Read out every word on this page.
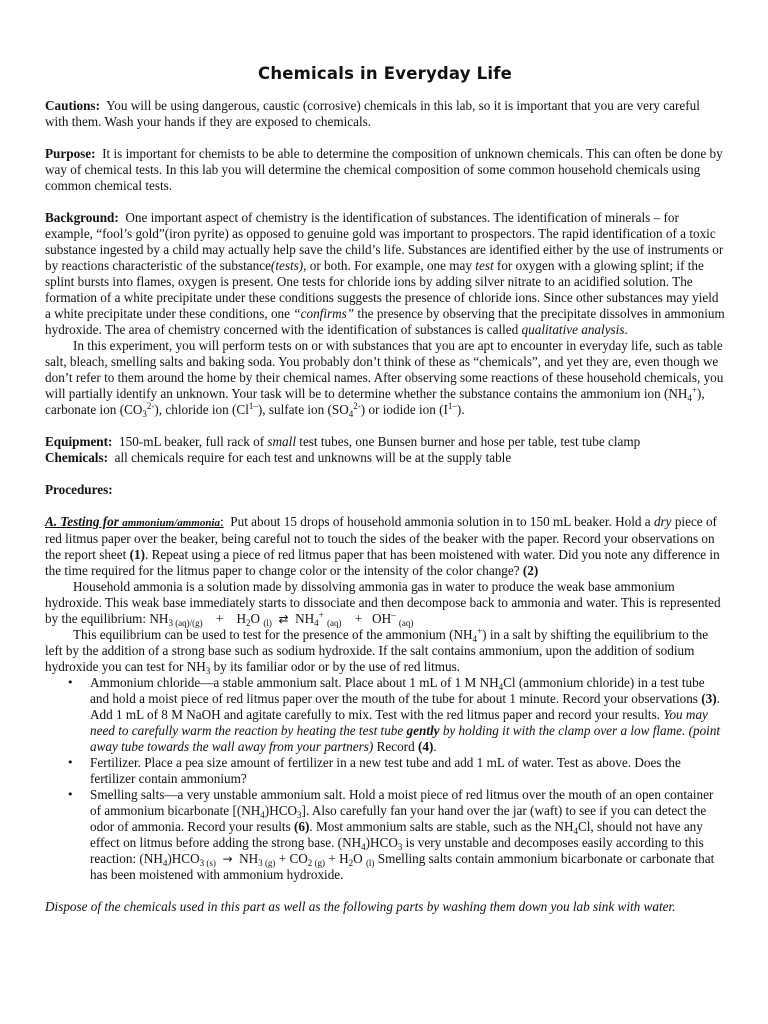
Chemicals in Everyday Life

Cautions: You will be using dangerous, caustic (corrosive) chemicals in this lab, so it is important that you are very careful with them. Wash your hands if they are exposed to chemicals.

Purpose: It is important for chemists to be able to determine the composition of unknown chemicals. This can often be done by way of chemical tests. In this lab you will determine the chemical composition of some common household chemicals using common chemical tests.

Background: One important aspect of chemistry is the identification of substances. The identification of minerals – for example, “fool’s gold”(iron pyrite) as opposed to genuine gold was important to prospectors. The rapid identification of a toxic substance ingested by a child may actually help save the child’s life. Substances are identified either by the use of instruments or by reactions characteristic of the substance(tests), or both. For example, one may test for oxygen with a glowing splint; if the splint bursts into flames, oxygen is present. One tests for chloride ions by adding silver nitrate to an acidified solution. The formation of a white precipitate under these conditions suggests the presence of chloride ions. Since other substances may yield a white precipitate under these conditions, one “confirms” the presence by observing that the precipitate dissolves in ammonium hydroxide. The area of chemistry concerned with the identification of substances is called qualitative analysis.

In this experiment, you will perform tests on or with substances that you are apt to encounter in everyday life, such as table salt, bleach, smelling salts and baking soda. You probably don’t think of these as “chemicals”, and yet they are, even though we don’t refer to them around the home by their chemical names. After observing some reactions of these household chemicals, you will partially identify an unknown. Your task will be to determine whether the substance contains the ammonium ion $(NH_4^+)$, carbonate ion $(CO_3^{2-})$, chloride ion $(Cl^{1-})$, sulfate ion $(SO_4^{2-})$ or iodide ion $(I^{1-})$.

Equipment: 150-mL beaker, full rack of small test tubes, one Bunsen burner and hose per table, test tube clamp

Chemicals: all chemicals require for each test and unknowns will be at the supply table

Procedures:

A. Testing for ammonium/ammonia: Put about 15 drops of household ammonia solution in to 150 mL beaker. Hold a dry piece of red litmus paper over the beaker, being careful not to touch the sides of the beaker with the paper. Record your observations on the report sheet (1). Repeat using a piece of red litmus paper that has been moistened with water. Did you note any difference in the time required for the litmus paper to change color or the intensity of the color change? (2)

Household ammonia is a solution made by dissolving ammonia gas in water to produce the weak base ammonium hydroxide. This weak base immediately starts to dissociate and then decompose back to ammonia and water. This is represented by the equilibrium: $NH_{3 (aq)/(g)} + H_2O$ $_{(l)}$ ⇄ $NH_4^+$ $_{(aq)}$ + OH– $_{(aq)}$

This equilibrium can be used to test for the presence of the ammonium $(NH_4^+)$ in a salt by shifting the equilibrium to the left by the addition of a strong base such as sodium hydroxide. If the salt contains ammonium, upon the addition of sodium hydroxide you can test for $NH_3$ by its familiar odor or by the use of red litmus.

• Ammonium chloride—a stable ammonium salt. Place about 1 mL of 1 M $NH_4Cl$ (ammonium chloride) in a test tube and hold a moist piece of red litmus paper over the mouth of the tube for about 1 minute. Record your observations (3). Add 1 mL of 8 M NaOH and agitate carefully to mix. Test with the red litmus paper and record your results. You may need to carefully warm the reaction by heating the test tube gently by holding it with the clamp over a low flame. (point away tube towards the wall away from your partners) Record (4).
• Fertilizer. Place a pea size amount of fertilizer in a new test tube and add 1 mL of water. Test as above. Does the fertilizer contain ammonium?
• Smelling salts—a very unstable ammonium salt. Hold a moist piece of red litmus over the mouth of an open container of ammonium bicarbonate $[(NH_4)HCO_3]$. Also carefully fan your hand over the jar (waft) to see if you can detect the odor of ammonia. Record your results (6). Most ammonium salts are stable, such as the $NH_4Cl$, should not have any effect on litmus before adding the strong base. $(NH_4)HCO_3$ is very unstable and decomposes easily according to this reaction: $(NH_4)HCO_{3 (s)} \to NH_{3 (g)} + CO_{2 (g)} + H_2O$ $_{(l)}$ Smelling salts contain ammonium bicarbonate or carbonate that has been moistened with ammonium hydroxide.

Dispose of the chemicals used in this part as well as the following parts by washing them down you lab sink with water.
